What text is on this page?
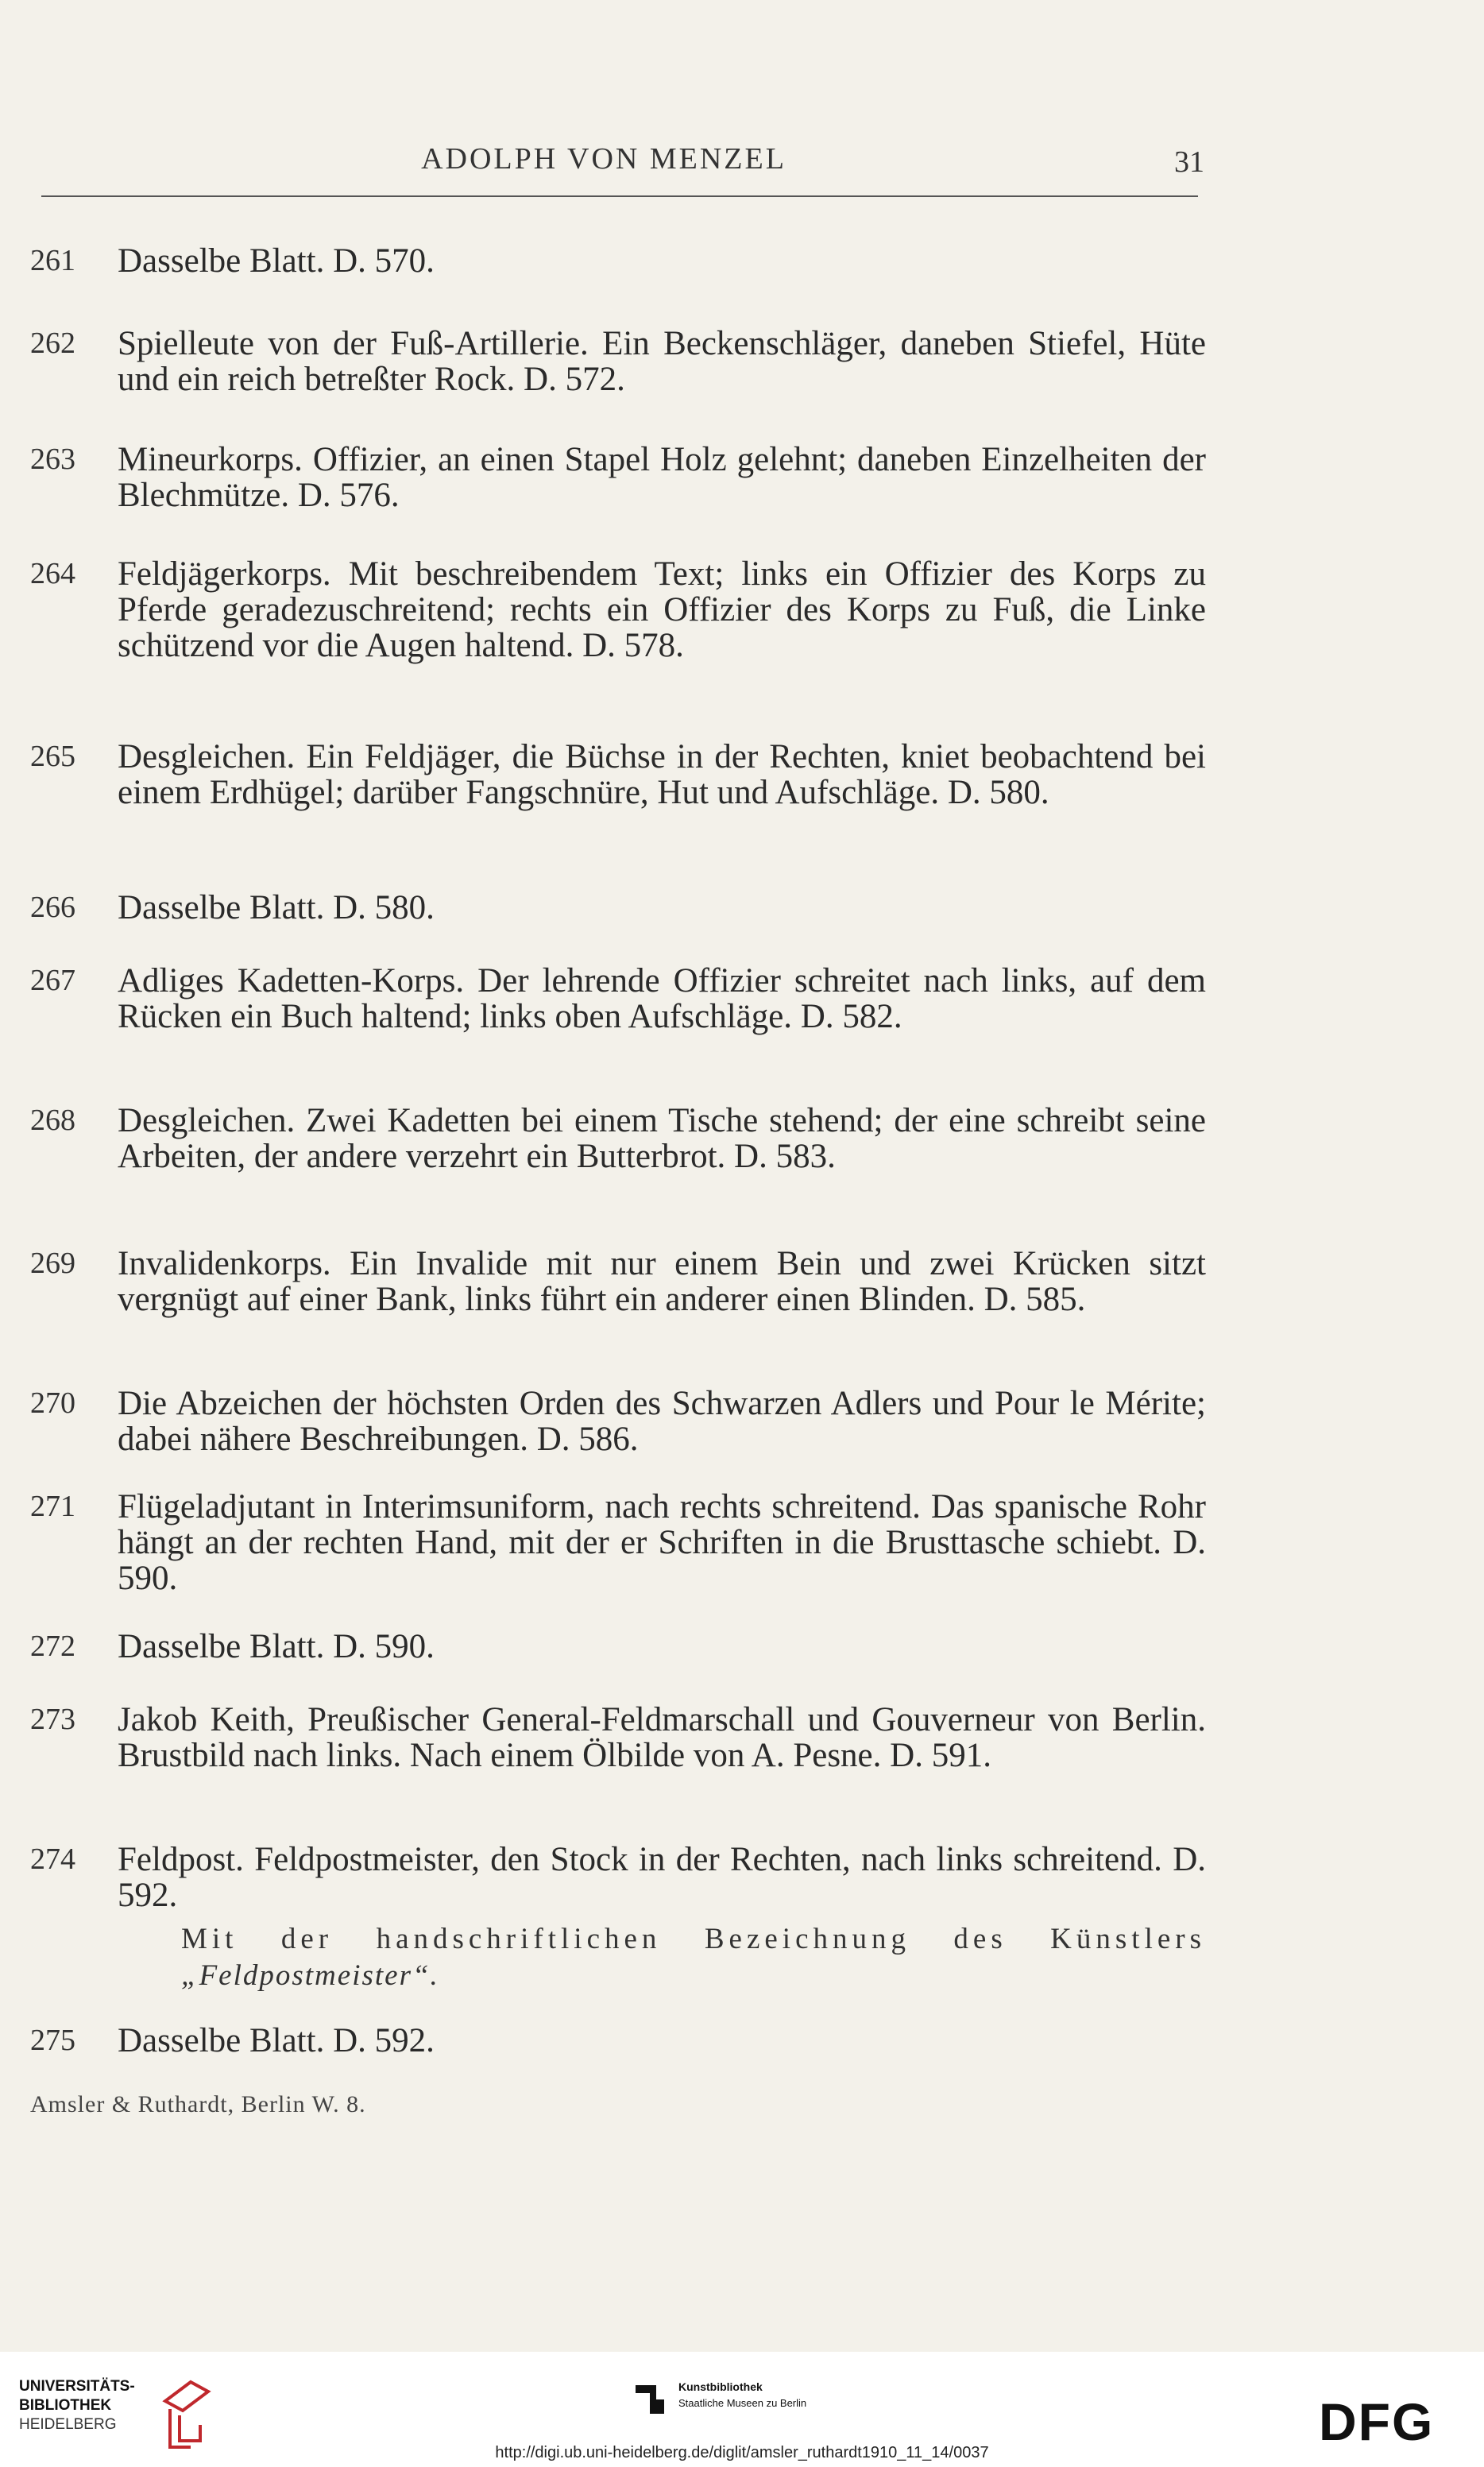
ADOLPH VON MENZEL	31
261	Dasselbe Blatt. D. 570.
262	Spielleute von der Fuß-Artillerie. Ein Beckenschläger, daneben Stiefel, Hüte und ein reich betreßter Rock. D. 572.
263	Mineurkorps. Offizier, an einen Stapel Holz gelehnt; daneben Einzelheiten der Blechmütze. D. 576.
264	Feldjägerkorps. Mit beschreibendem Text; links ein Offizier des Korps zu Pferde geradezuschreitend; rechts ein Offizier des Korps zu Fuß, die Linke schützend vor die Augen haltend. D. 578.
265	Desgleichen. Ein Feldjäger, die Büchse in der Rechten, kniet beobachtend bei einem Erdhügel; darüber Fangschnüre, Hut und Aufschläge. D. 580.
266	Dasselbe Blatt. D. 580.
267	Adliges Kadetten-Korps. Der lehrende Offizier schreitet nach links, auf dem Rücken ein Buch haltend; links oben Aufschläge. D. 582.
268	Desgleichen. Zwei Kadetten bei einem Tische stehend; der eine schreibt seine Arbeiten, der andere verzehrt ein Butterbrot. D. 583.
269	Invalidenkorps. Ein Invalide mit nur einem Bein und zwei Krücken sitzt vergnügt auf einer Bank, links führt ein anderer einen Blinden. D. 585.
270	Die Abzeichen der höchsten Orden des Schwarzen Adlers und Pour le Mérite; dabei nähere Beschreibungen. D. 586.
271	Flügeladjutant in Interimsuniform, nach rechts schreitend. Das spanische Rohr hängt an der rechten Hand, mit der er Schriften in die Brusttasche schiebt. D. 590.
272	Dasselbe Blatt. D. 590.
273	Jakob Keith, Preußischer General-Feldmarschall und Gouverneur von Berlin. Brustbild nach links. Nach einem Ölbilde von A. Pesne. D. 591.
274	Feldpost. Feldpostmeister, den Stock in der Rechten, nach links schreitend. D. 592.
Mit der handschriftlichen Bezeichnung des Künstlers „Feldpostmeister“.
275	Dasselbe Blatt. D. 592.
Amsler & Ruthardt, Berlin W. 8.
UNIVERSITÄTS-
BIBLIOTHEK
HEIDELBERG
Kunstbibliothek
Staatliche Museen zu Berlin	DFG
http://digi.ub.uni-heidelberg.de/diglit/amsler_ruthardt1910_11_14/0037
